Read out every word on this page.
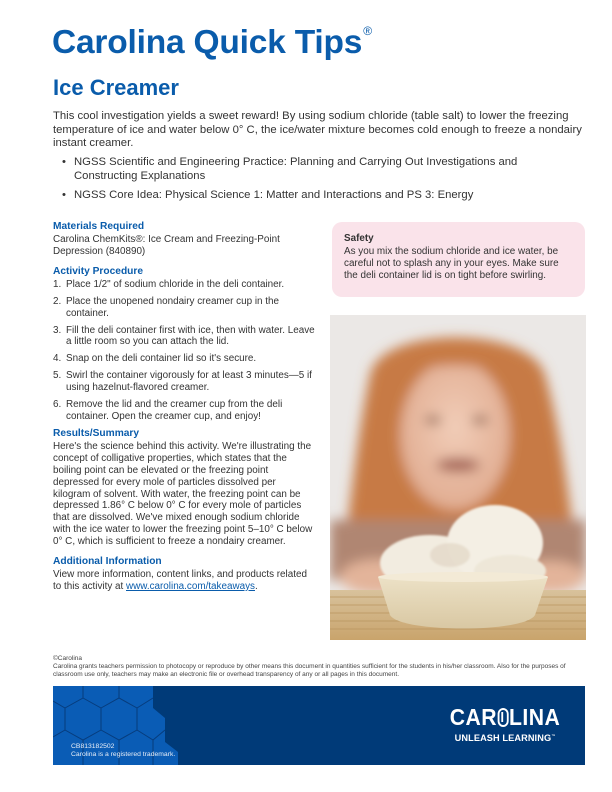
Carolina Quick Tips®
Ice Creamer

This cool investigation yields a sweet reward! By using sodium chloride (table salt) to lower the freezing temperature of ice and water below 0° C, the ice/water mixture becomes cold enough to freeze a nondairy instant creamer.

• NGSS Scientific and Engineering Practice: Planning and Carrying Out Investigations and Constructing Explanations
• NGSS Core Idea: Physical Science 1: Matter and Interactions and PS 3: Energy
Materials Required
Carolina ChemKits®: Ice Cream and Freezing-Point Depression (840890)
Activity Procedure
1. Place 1/2" of sodium chloride in the deli container.
2. Place the unopened nondairy creamer cup in the container.
3. Fill the deli container first with ice, then with water. Leave a little room so you can attach the lid.
4. Snap on the deli container lid so it's secure.
5. Swirl the container vigorously for at least 3 minutes—5 if using hazelnut-flavored creamer.
6. Remove the lid and the creamer cup from the deli container. Open the creamer cup, and enjoy!
Results/Summary
Here's the science behind this activity. We're illustrating the concept of colligative properties, which states that the boiling point can be elevated or the freezing point depressed for every mole of particles dissolved per kilogram of solvent. With water, the freezing point can be depressed 1.86° C below 0° C for every mole of particles that are dissolved. We've mixed enough sodium chloride with the ice water to lower the freezing point 5–10° C below 0° C, which is sufficient to freeze a nondairy creamer.
Additional Information
View more information, content links, and products related to this activity at www.carolina.com/takeaways.
Safety
As you mix the sodium chloride and ice water, be careful not to splash any in your eyes. Make sure the deli container lid is on tight before swirling.
©Carolina
Carolina grants teachers permission to photocopy or reproduce by other means this document in quantities sufficient for the students in his/her classroom. Also for the purposes of classroom use only, teachers may make an electronic file or overhead transparency of any or all pages in this document.
CB813182502
Carolina is a registered trademark.
CAR LINA
UNLEASH LEARNING™
